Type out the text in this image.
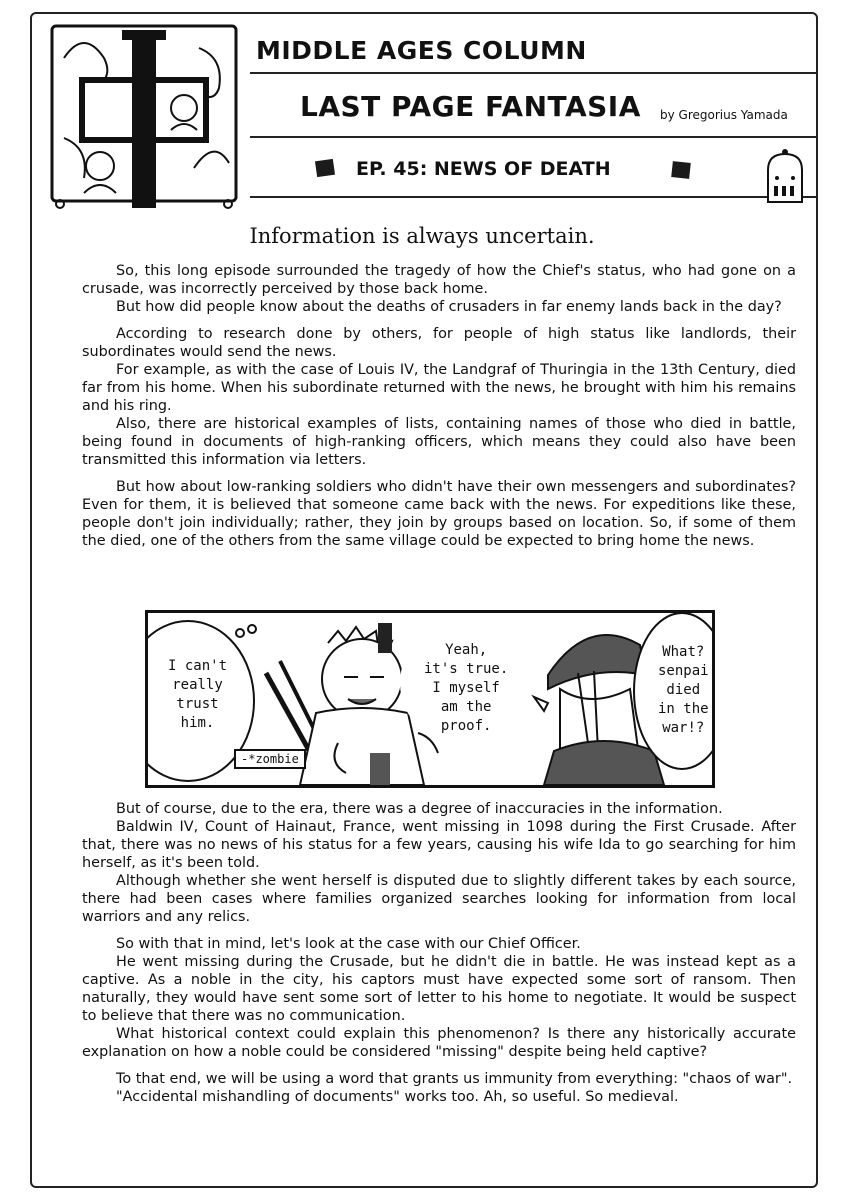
MIDDLE AGES COLUMN
LAST PAGE FANTASIA by Gregorius Yamada
EP. 45: NEWS OF DEATH
Information is always uncertain.

So, this long episode surrounded the tragedy of how the Chief's status, who had gone on a crusade, was incorrectly perceived by those back home.

But how did people know about the deaths of crusaders in far enemy lands back in the day?

According to research done by others, for people of high status like landlords, their subordinates would send the news.

For example, as with the case of Louis IV, the Landgraf of Thuringia in the 13th Century, died far from his home. When his subordinate returned with the news, he brought with him his remains and his ring.

Also, there are historical examples of lists, containing names of those who died in battle, being found in documents of high-ranking officers, which means they could also have been transmitted this information via letters.

But how about low-ranking soldiers who didn't have their own messengers and subordinates? Even for them, it is believed that someone came back with the news. For expeditions like these, people don't join individually; rather, they join by groups based on location. So, if some of them the died, one of the others from the same village could be expected to bring home the news.

I can't
really
trust
him.
Yeah,
it's true.
I myself
am the
proof.
What?
senpai
died
in the
war!?
-*zombie

But of course, due to the era, there was a degree of inaccuracies in the information.

Baldwin IV, Count of Hainaut, France, went missing in 1098 during the First Crusade. After that, there was no news of his status for a few years, causing his wife Ida to go searching for him herself, as it's been told.

Although whether she went herself is disputed due to slightly different takes by each source, there had been cases where families organized searches looking for information from local warriors and any relics.

So with that in mind, let's look at the case with our Chief Officer.

He went missing during the Crusade, but he didn't die in battle. He was instead kept as a captive. As a noble in the city, his captors must have expected some sort of ransom. Then naturally, they would have sent some sort of letter to his home to negotiate. It would be suspect to believe that there was no communication.

What historical context could explain this phenomenon? Is there any historically accurate explanation on how a noble could be considered "missing" despite being held captive?

To that end, we will be using a word that grants us immunity from everything: "chaos of war".

"Accidental mishandling of documents" works too. Ah, so useful. So medieval.
